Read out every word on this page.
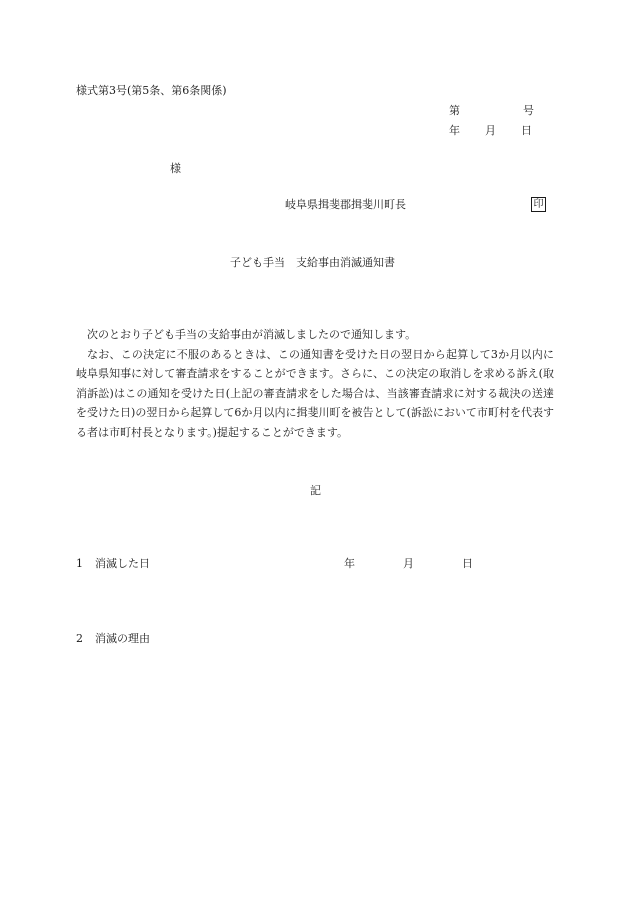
様式第3号(第5条、第6条関係)
第	号
年 月 日
様
岐阜県揖斐郡揖斐川町長	印
子ども手当　支給事由消滅通知書

次のとおり子ども手当の支給事由が消滅しましたので通知します。

なお、この決定に不服のあるときは、この通知書を受けた日の翌日から起算して3か月以内に岐阜県知事に対して審査請求をすることができます。さらに、この決定の取消しを求める訴え(取消訴訟)はこの通知を受けた日(上記の審査請求をした場合は、当該審査請求に対する裁決の送達を受けた日)の翌日から起算して6か月以内に揖斐川町を被告として(訴訟において市町村を代表する者は市町村長となります。)提起することができます。

記
1 消滅した日	年	月	日
2 消滅の理由
